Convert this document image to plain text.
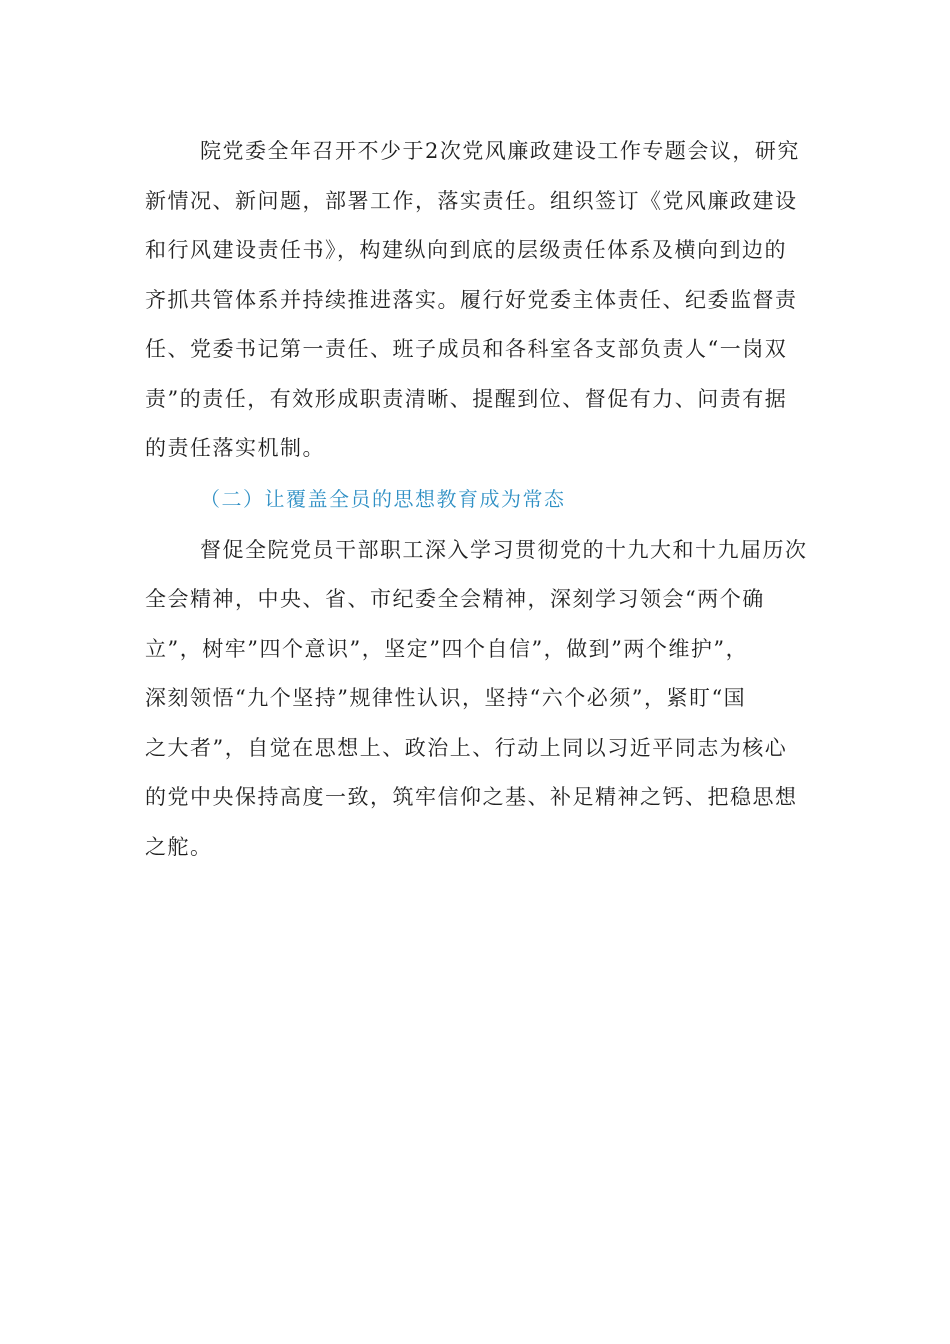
院党委全年召开不少于2次党风廉政建设工作专题会议，研究
新情况、新问题，部署工作，落实责任。组织签订《党风廉政建设
和行风建设责任书》，构建纵向到底的层级责任体系及横向到边的
齐抓共管体系并持续推进落实。履行好党委主体责任、纪委监督责
任、党委书记第一责任、班子成员和各科室各支部负责人“一岗双
责”的责任，有效形成职责清晰、提醒到位、督促有力、问责有据
的责任落实机制。
（二）让覆盖全员的思想教育成为常态
督促全院党员干部职工深入学习贯彻党的十九大和十九届历次
全会精神，中央、省、市纪委全会精神，深刻学习领会“两个确
立”，树牢”四个意识”，坚定”四个自信”，做到”两个维护”，
深刻领悟“九个坚持”规律性认识，坚持“六个必须”，紧盯“国
之大者”，自觉在思想上、政治上、行动上同以习近平同志为核心
的党中央保持高度一致，筑牢信仰之基、补足精神之钙、把稳思想
之舵。
